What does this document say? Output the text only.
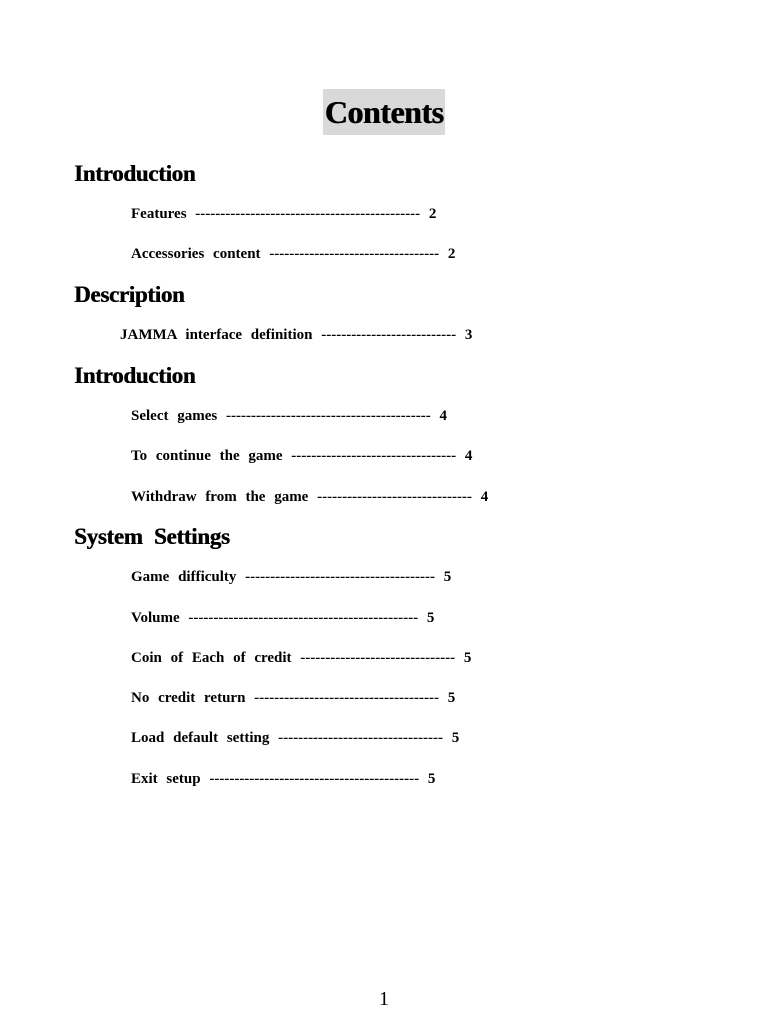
Contents
Introduction
Features --------------------------------------------- 2
Accessories content ---------------------------------- 2
Description
JAMMA interface definition --------------------------- 3
Introduction
Select games ----------------------------------------- 4
To continue the game --------------------------------- 4
Withdraw from the game ------------------------------- 4
System Settings
Game difficulty -------------------------------------- 5
Volume ---------------------------------------------- 5
Coin of Each of credit ------------------------------- 5
No credit return ------------------------------------- 5
Load default setting --------------------------------- 5
Exit setup ------------------------------------------ 5
1
